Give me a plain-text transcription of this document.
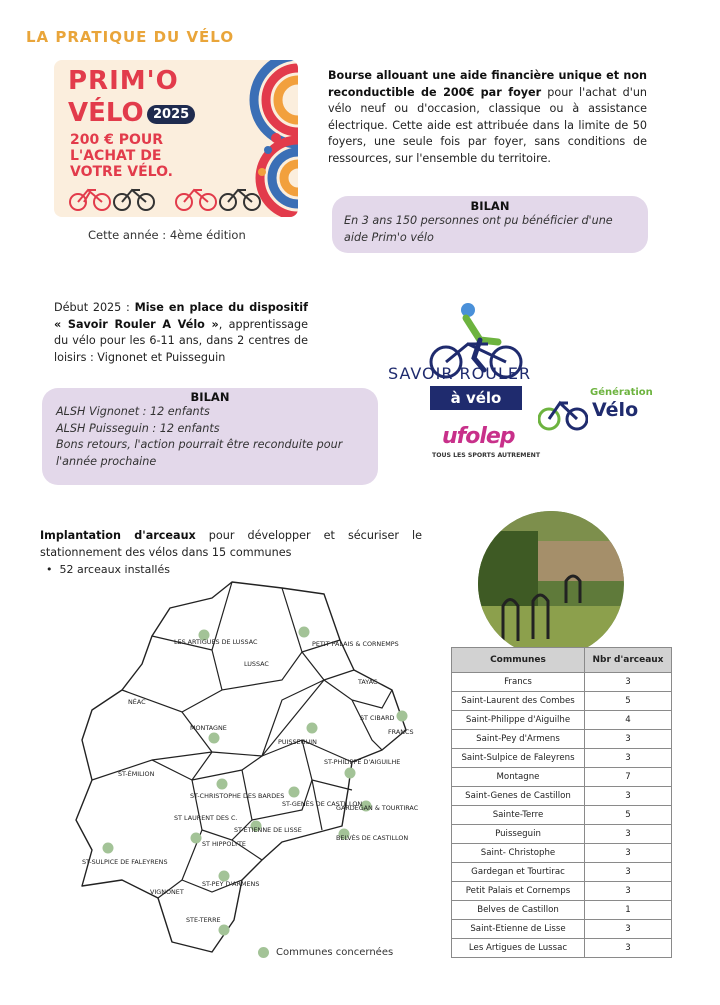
LA PRATIQUE DU VÉLO
PRIM'O
VÉLO 2025
200 € POUR
L'ACHAT DE
VOTRE VÉLO.
Cette année : 4ème édition
Bourse allouant une aide financière unique et non reconductible de 200€ par foyer pour l'achat d'un vélo neuf ou d'occasion, classique ou à assistance électrique. Cette aide est attribuée dans la limite de 50 foyers, une seule fois par foyer, sans conditions de ressources, sur l'ensemble du territoire.
BILAN
En 3 ans 150 personnes ont pu bénéficier d'une aide Prim'o vélo
Début 2025 : Mise en place du dispositif « Savoir Rouler A Vélo », apprentissage du vélo pour les 6-11 ans, dans 2 centres de loisirs : Vignonet et Puisseguin
BILAN
ALSH Vignonet : 12 enfants
ALSH Puisseguin : 12 enfants
Bons retours, l'action pourrait être reconduite pour l'année prochaine
SAVOIR ROULER
à vélo	Génération
Vélo
ufolep
TOUS LES SPORTS AUTREMENT
Implantation d'arceaux pour développer et sécuriser le stationnement des vélos dans 15 communes
• 52 arceaux installés
LES ARTIGUES DE LUSSAC
LUSSAC
PETIT PALAIS & CORNEMPS
TAYAC
NÉAC
MONTAGNE
PUISSEGUIN
ST CIBARD
FRANCS
ST-ÉMILION
ST-PHILIPPE D'AIGUILHE
ST-CHRISTOPHE DES BARDES
ST-GENÈS DE CASTILLON
GARDEGAN & TOURTIRAC
ST LAURENT DES C.
ST HIPPOLYTE
ST-ÉTIENNE DE LISSE
BELVÈS DE CASTILLON
ST-SULPICE DE FALEYRENS
ST-PEY D'ARMENS
VIGNONET
STE-TERRE
Communes concernées
Communes	Nbr d'arceaux
Francs	3
Saint-Laurent des Combes	5
Saint-Philippe d'Aiguilhe	4
Saint-Pey d'Armens	3
Saint-Sulpice de Faleyrens	3
Montagne	7
Saint-Genes de Castillon	3
Sainte-Terre	5
Puisseguin	3
Saint- Christophe	3
Gardegan et Tourtirac	3
Petit Palais et Cornemps	3
Belves de Castillon	1
Saint-Etienne de Lisse	3
Les Artigues de Lussac	3
